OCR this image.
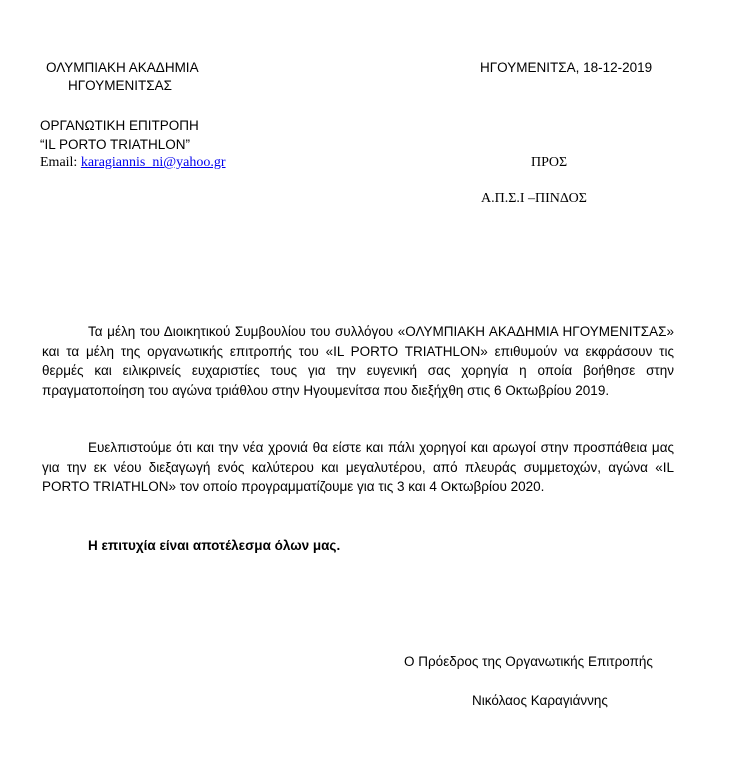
ΟΛΥΜΠΙΑΚΗ ΑΚΑΔΗΜΙΑ
ΗΓΟΥΜΕΝΙΤΣΑΣ
ΗΓΟΥΜΕΝΙΤΣΑ, 18-12-2019
ΟΡΓΑΝΩΤΙΚΗ ΕΠΙΤΡΟΠΗ
“IL PORTO TRIATHLON”
Email: karagiannis_ni@yahoo.gr	ΠΡΟΣ
Α.Π.Σ.Ι –ΠΙΝΔΟΣ
Τα μέλη του Διοικητικού Συμβουλίου του συλλόγου «ΟΛΥΜΠΙΑΚΗ ΑΚΑΔΗΜΙΑ ΗΓΟΥΜΕΝΙΤΣΑΣ» και τα μέλη της οργανωτικής επιτροπής του «IL PORTO TRIATHLON» επιθυμούν να εκφράσουν τις θερμές και ειλικρινείς ευχαριστίες τους για την ευγενική σας χορηγία η οποία βοήθησε στην πραγματοποίηση του αγώνα τριάθλου στην Ηγουμενίτσα που διεξήχθη στις 6 Οκτωβρίου 2019.
Ευελπιστούμε ότι και την νέα χρονιά θα είστε και πάλι χορηγοί και αρωγοί στην προσπάθεια μας για την εκ νέου διεξαγωγή ενός καλύτερου και μεγαλυτέρου, από πλευράς συμμετοχών, αγώνα «IL PORTO TRIATHLON» τον οποίο προγραμματίζουμε για τις 3 και 4 Οκτωβρίου 2020.
Η επιτυχία είναι αποτέλεσμα όλων μας.
Ο Πρόεδρος της Οργανωτικής Επιτροπής
Νικόλαος Καραγιάννης
